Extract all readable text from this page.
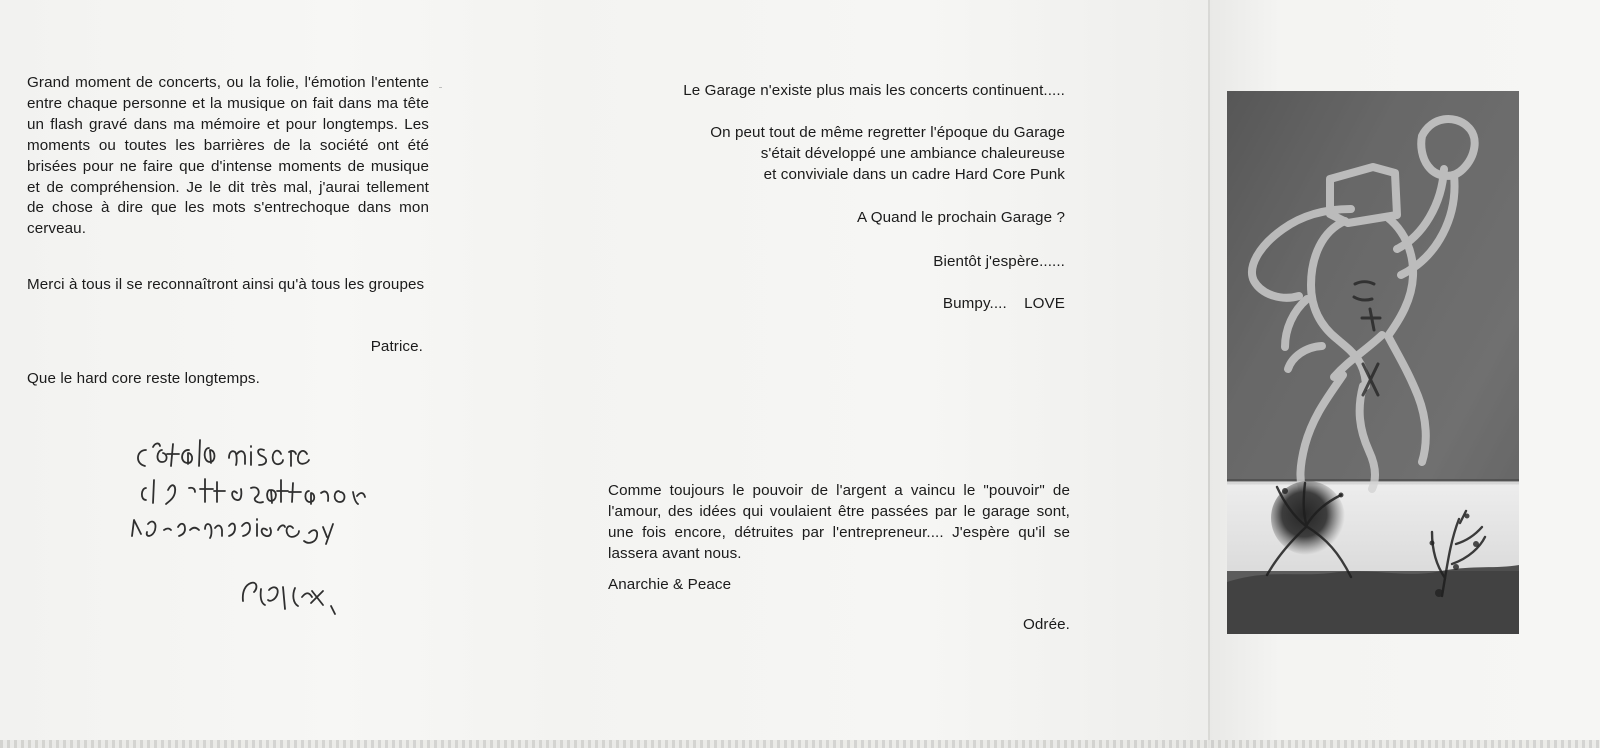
Grand moment de concerts, ou la folie, l'émotion l'entente entre chaque personne et la musique on fait dans ma tête un flash gravé dans ma mémoire et pour longtemps. Les moments ou toutes les barrières de la société ont été brisées pour ne faire que d'intense moments de musique et de compréhension. Je le dit très mal, j'aurai tellement de chose à dire que les mots s'entrechoque dans mon cerveau.
Merci à tous il se reconnaîtront ainsi qu'à tous les groupes
Patrice.
Que le hard core reste longtemps.
Le Garage n'existe plus mais les concerts continuent.....
On peut tout de même regretter l'époque du Garage
s'était développé une ambiance chaleureuse
et conviviale dans un cadre Hard Core Punk
A Quand le prochain Garage ?
Bientôt j'espère......
Bumpy....    LOVE
Comme toujours le pouvoir de l'argent a vaincu le "pouvoir" de l'amour, des idées qui voulaient être passées par le garage sont, une fois encore, détruites par l'entrepreneur.... J'espère qu'il se lassera avant nous.
Anarchie & Peace
Odrée.
